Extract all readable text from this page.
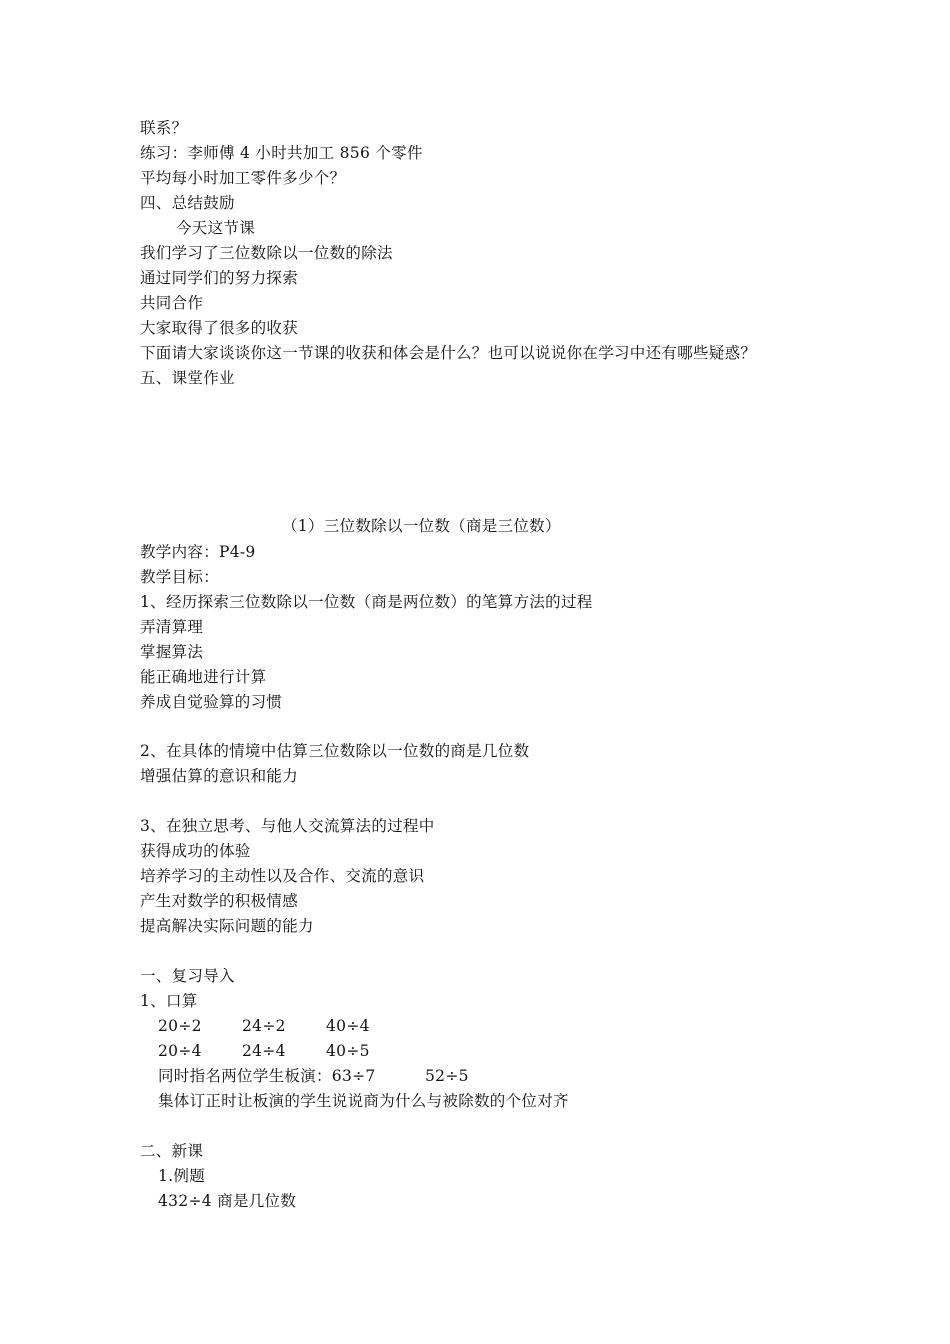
联系？
练习：李师傅 4 小时共加工 856 个零件
平均每小时加工零件多少个？
四、总结鼓励
今天这节课
我们学习了三位数除以一位数的除法
通过同学们的努力探索
共同合作
大家取得了很多的收获
下面请大家谈谈你这一节课的收获和体会是什么？也可以说说你在学习中还有哪些疑惑？
五、课堂作业
（1）三位数除以一位数（商是三位数）
教学内容：P4-9
教学目标：
1、经历探索三位数除以一位数（商是两位数）的笔算方法的过程
弄清算理
掌握算法
能正确地进行计算
养成自觉验算的习惯
2、在具体的情境中估算三位数除以一位数的商是几位数
增强估算的意识和能力
3、在独立思考、与他人交流算法的过程中
获得成功的体验
培养学习的主动性以及合作、交流的意识
产生对数学的积极情感
提高解决实际问题的能力
一、复习导入
1、口算
20÷2	24÷2	40÷4
20÷4	24÷4	40÷5
同时指名两位学生板演：63÷7	52÷5
集体订正时让板演的学生说说商为什么与被除数的个位对齐
二、新课
1.例题
432÷4 商是几位数
